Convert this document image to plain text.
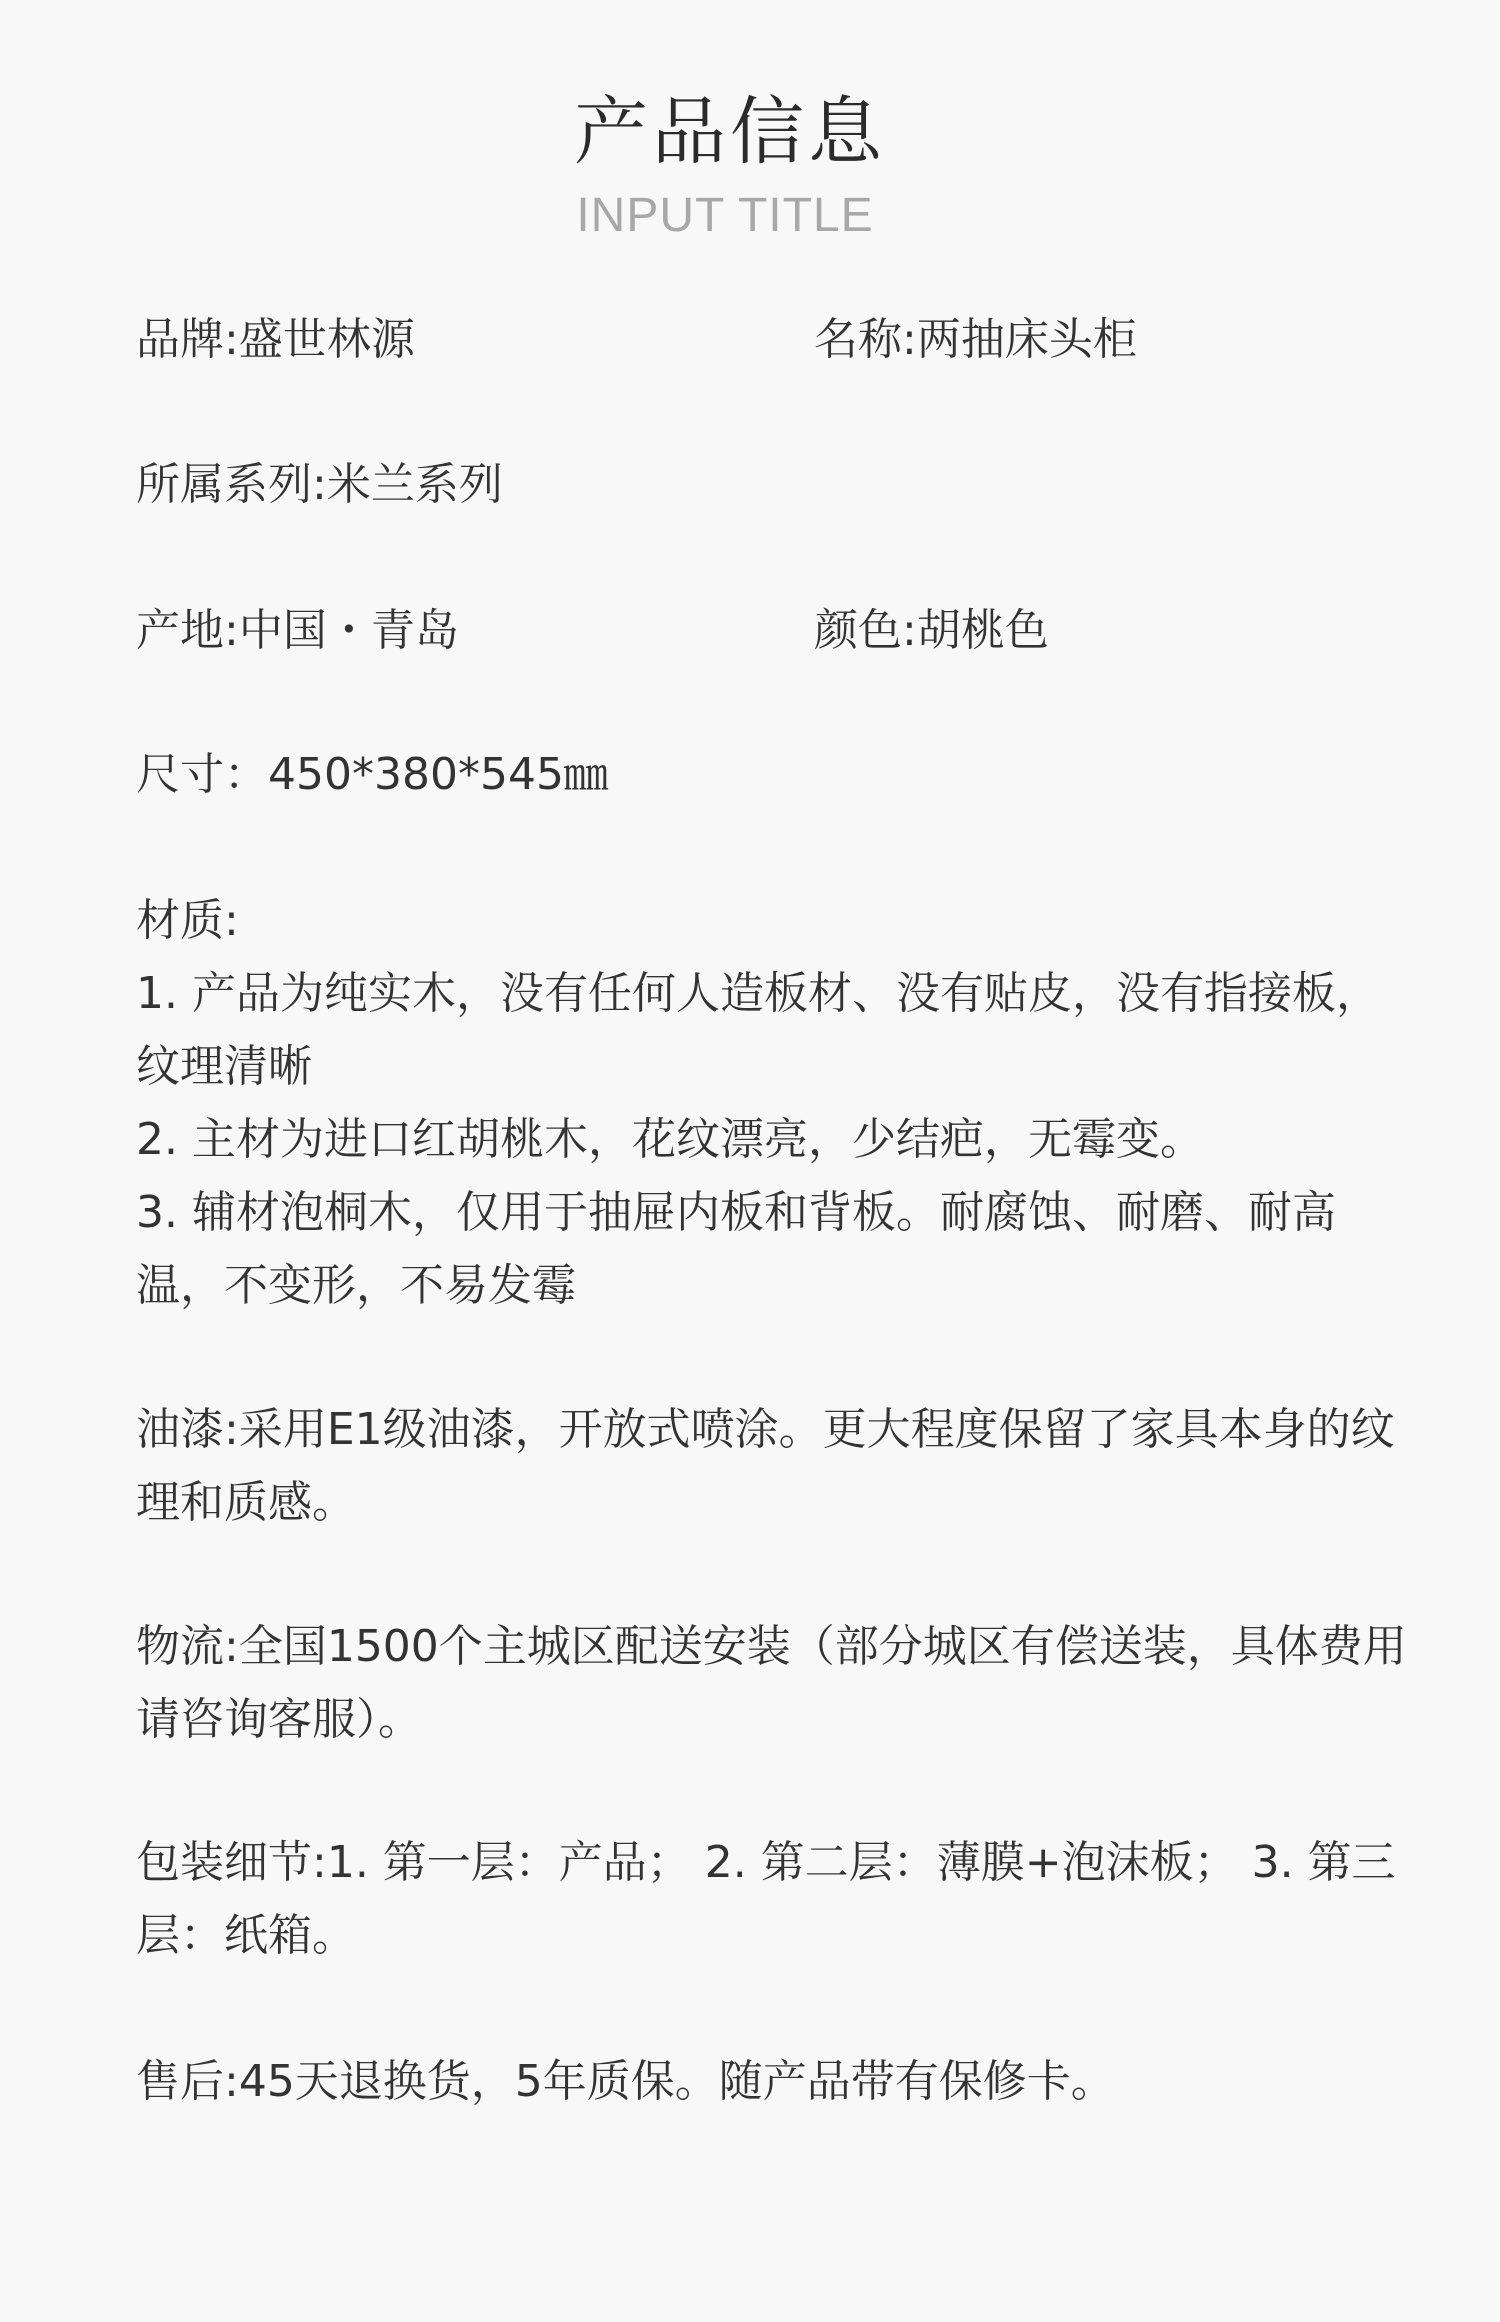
产品信息
INPUT TITLE
品牌:盛世林源	名称:两抽床头柜
所属系列:米兰系列
产地:中国・青岛	颜色:胡桃色
尺寸：450*380*545㎜
材质:
1. 产品为纯实木，没有任何人造板材、没有贴皮，没有指接板，纹理清晰
2. 主材为进口红胡桃木，花纹漂亮，少结疤，无霉变。
3. 辅材泡桐木，仅用于抽屉内板和背板。耐腐蚀、耐磨、耐高温，不变形，不易发霉
油漆:采用E1级油漆，开放式喷涂。更大程度保留了家具本身的纹理和质感。
物流:全国1500个主城区配送安装（部分城区有偿送装，具体费用请咨询客服）。
包装细节:1. 第一层：产品； 2. 第二层：薄膜+泡沫板； 3. 第三层：纸箱。
售后:45天退换货，5年质保。随产品带有保修卡。
